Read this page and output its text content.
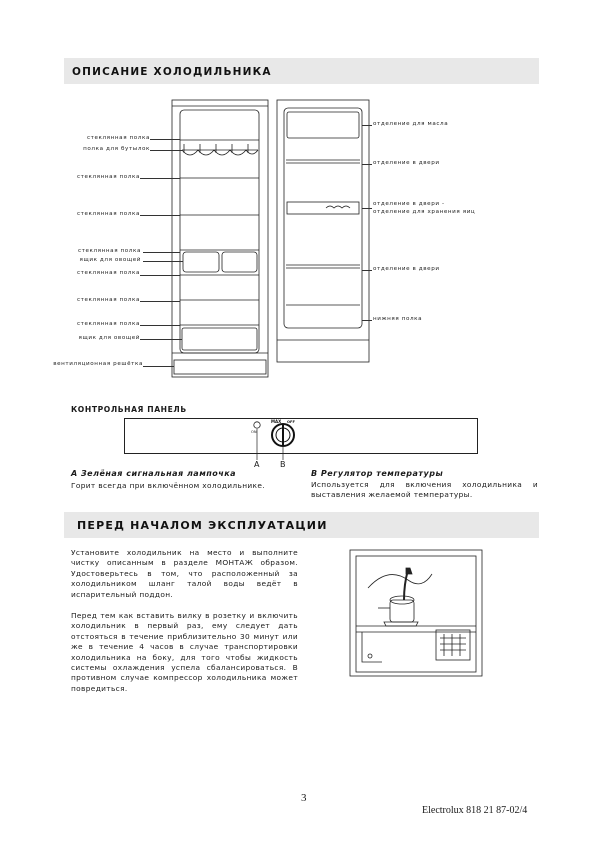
ОПИСАНИЕ ХОЛОДИЛЬНИКА
стеклянная полка
полка для бутылок
стеклянная полка
стеклянная полка
стеклянная полка
ящик для овощей
стеклянная полка
стеклянная полка
стеклянная полка
ящик для овощей
вентиляционная решётка
отделение для масла
отделение в двери
отделение в двери -
отделение для хранения яиц
отделение в двери
нижняя полка
КОНТРОЛЬНАЯ ПАНЕЛЬ
MAX OFF
ON
A	B
A Зелёная сигнальная лампочка
Горит всегда при включённом холодильнике.
B Регулятор температуры
Используется для включения холодильника и
выставления желаемой температуры.
ПЕРЕД НАЧАЛОМ ЭКСПЛУАТАЦИИ
Установите холодильник на место и выполните
чистку описанным в разделе МОНТАЖ образом.
Удостоверьтесь в том, что расположенный за
холодильником шланг талой воды ведёт в
испарительный поддон.
Перед тем как вставить вилку в розетку и включить
холодильник в первый раз, ему следует дать
отстояться в течение приблизительно 30 минут или
же в течение 4 часов в случае транспортировки
холодильника на боку, для того чтобы жидкость
системы охлаждения успела сбалансироваться. В
противном случае компрессор холодильника может
повредиться.
3
Electrolux 818 21 87-02/4
